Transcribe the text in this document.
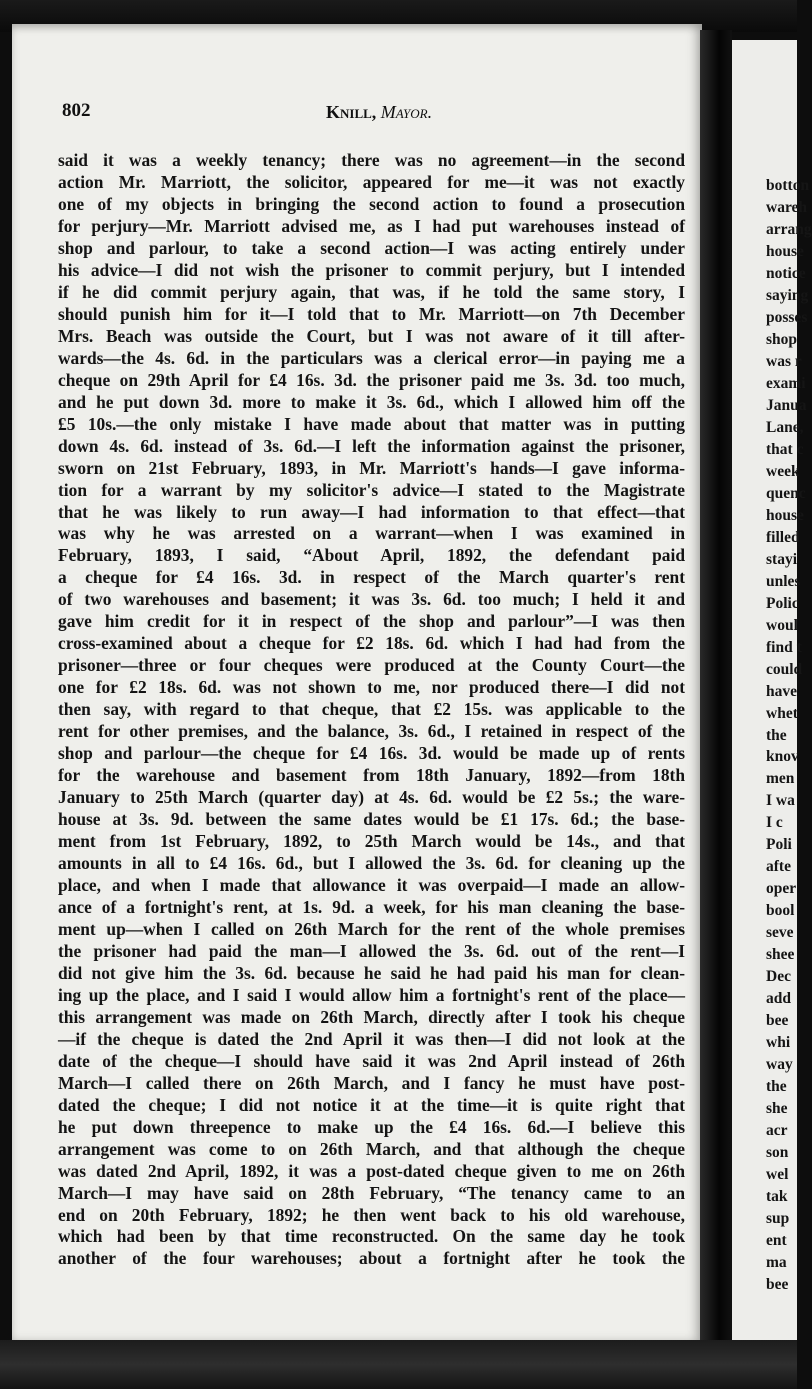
802	Knill, Mayor.
said it was a weekly tenancy; there was no agreement—in the second
action Mr. Marriott, the solicitor, appeared for me—it was not exactly
one of my objects in bringing the second action to found a prosecution
for perjury—Mr. Marriott advised me, as I had put warehouses instead of
shop and parlour, to take a second action—I was acting entirely under
his advice—I did not wish the prisoner to commit perjury, but I intended
if he did commit perjury again, that was, if he told the same story, I
should punish him for it—I told that to Mr. Marriott—on 7th December
Mrs. Beach was outside the Court, but I was not aware of it till after-
wards—the 4s. 6d. in the particulars was a clerical error—in paying me a
cheque on 29th April for £4 16s. 3d. the prisoner paid me 3s. 3d. too much,
and he put down 3d. more to make it 3s. 6d., which I allowed him off the
£5 10s.—the only mistake I have made about that matter was in putting
down 4s. 6d. instead of 3s. 6d.—I left the information against the prisoner,
sworn on 21st February, 1893, in Mr. Marriott's hands—I gave informa-
tion for a warrant by my solicitor's advice—I stated to the Magistrate
that he was likely to run away—I had information to that effect—that
was why he was arrested on a warrant—when I was examined in
February, 1893, I said, “About April, 1892, the defendant paid
a cheque for £4 16s. 3d. in respect of the March quarter's rent
of two warehouses and basement; it was 3s. 6d. too much; I held it and
gave him credit for it in respect of the shop and parlour”—I was then
cross-examined about a cheque for £2 18s. 6d. which I had had from the
prisoner—three or four cheques were produced at the County Court—the
one for £2 18s. 6d. was not shown to me, nor produced there—I did not
then say, with regard to that cheque, that £2 15s. was applicable to the
rent for other premises, and the balance, 3s. 6d., I retained in respect of the
shop and parlour—the cheque for £4 16s. 3d. would be made up of rents
for the warehouse and basement from 18th January, 1892—from 18th
January to 25th March (quarter day) at 4s. 6d. would be £2 5s.; the ware-
house at 3s. 9d. between the same dates would be £1 17s. 6d.; the base-
ment from 1st February, 1892, to 25th March would be 14s., and that
amounts in all to £4 16s. 6d., but I allowed the 3s. 6d. for cleaning up the
place, and when I made that allowance it was overpaid—I made an allow-
ance of a fortnight's rent, at 1s. 9d. a week, for his man cleaning the base-
ment up—when I called on 26th March for the rent of the whole premises
the prisoner had paid the man—I allowed the 3s. 6d. out of the rent—I
did not give him the 3s. 6d. because he said he had paid his man for clean-
ing up the place, and I said I would allow him a fortnight's rent of the place—
this arrangement was made on 26th March, directly after I took his cheque
—if the cheque is dated the 2nd April it was then—I did not look at the
date of the cheque—I should have said it was 2nd April instead of 26th
March—I called there on 26th March, and I fancy he must have post-
dated the cheque; I did not notice it at the time—it is quite right that
he put down threepence to make up the £4 16s. 6d.—I believe this
arrangement was come to on 26th March, and that although the cheque
was dated 2nd April, 1892, it was a post-dated cheque given to me on 26th
March—I may have said on 28th February, “The tenancy came to an
end on 20th February, 1892; he then went back to his old warehouse,
which had been by that time reconstructed. On the same day he took
another of the four warehouses; about a fortnight after he took the

botton

wareh

arrang

house

notice

saying

posses

shop

was r

exami

Janua

Lane,

that c

week

quenc

house

filled

stayi

unles

Polic

woul

find t

could

have

whet

the

knov

men

I wa

I c

Poli

afte

oper

bool

seve

shee

Dec

add

bee

whi

way

the

she

acr

son

wel

tak

sup

ent

ma

bee
